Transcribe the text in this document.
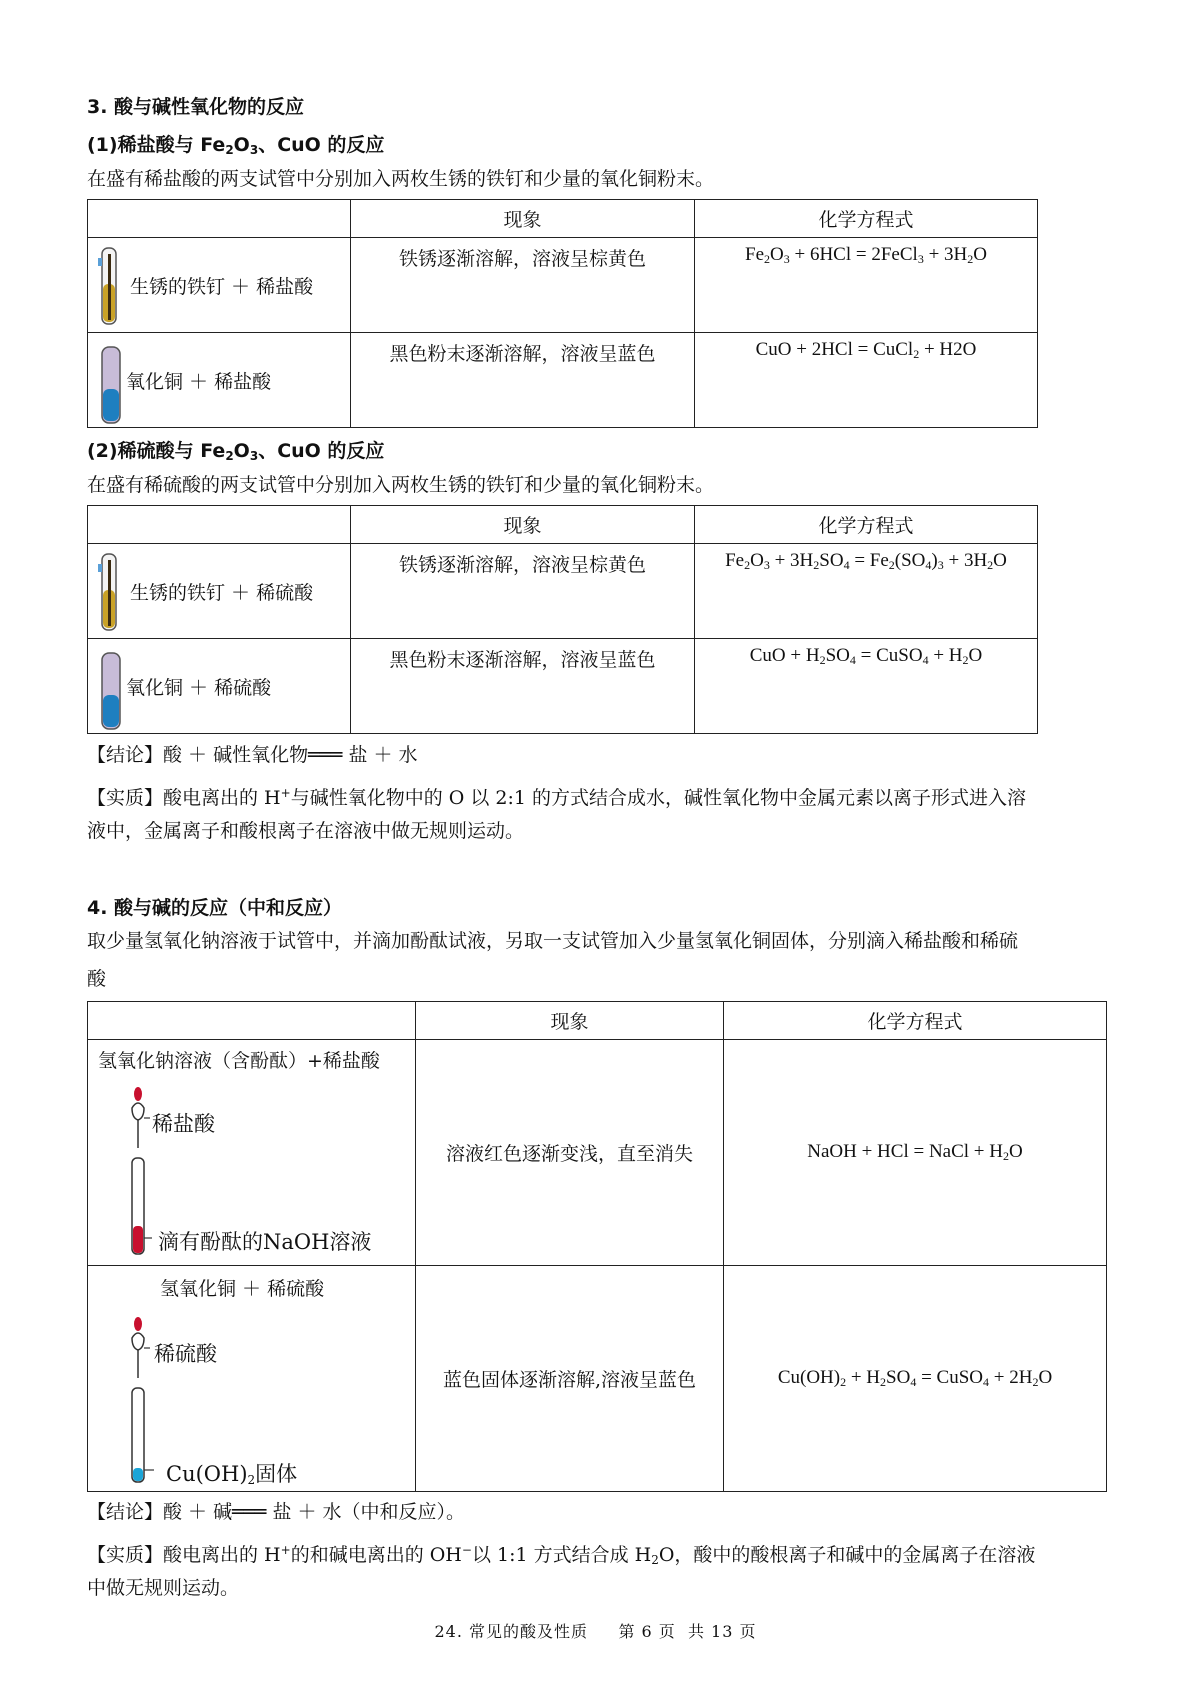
3. 酸与碱性氧化物的反应
(1)稀盐酸与 $Fe_2O_3$、CuO 的反应
在盛有稀盐酸的两支试管中分别加入两枚生锈的铁钉和少量的氧化铜粉末。
	现象	化学方程式

生锈的铁钉 ＋ 稀盐酸	铁锈逐渐溶解，溶液呈棕黄色	$Fe_2O_3 + 6HCl$ = 2FeCl$_3$ + $3H_2O$

氧化铜 ＋ 稀盐酸	黑色粉末逐渐溶解，溶液呈蓝色	CuO + 2HCl = CuCl$_2$ + H2O
(2)稀硫酸与 $Fe_2O_3$、CuO 的反应
在盛有稀硫酸的两支试管中分别加入两枚生锈的铁钉和少量的氧化铜粉末。
	现象	化学方程式

生锈的铁钉 ＋ 稀硫酸	铁锈逐渐溶解，溶液呈棕黄色	$Fe_2O_3 + 3H_2SO_4 = Fe_2(SO_4)_3 + 3H_2O$

氧化铜 ＋ 稀硫酸	黑色粉末逐渐溶解，溶液呈蓝色	CuO + $H_2SO_4$ = CuSO$_4$ + $H_2O$
【结论】酸 ＋ 碱性氧化物═══ 盐 ＋ 水
【实质】酸电离出的 H+与碱性氧化物中的 O 以 2:1 的方式结合成水，碱性氧化物中金属元素以离子形式进入溶
液中，金属离子和酸根离子在溶液中做无规则运动。
4. 酸与碱的反应（中和反应）
取少量氢氧化钠溶液于试管中，并滴加酚酞试液，另取一支试管加入少量氢氧化铜固体，分别滴入稀盐酸和稀硫
酸
	现象	化学方程式

氢氧化钠溶液（含酚酞）+稀盐酸
稀盐酸
滴有酚酞的NaOH溶液	溶液红色逐渐变浅，直至消失	NaOH + HCl = NaCl + $H_2O$

氢氧化铜 ＋ 稀硫酸
稀硫酸
$Cu(OH)_2$固体	蓝色固体逐渐溶解,溶液呈蓝色	$Cu(OH)_2 + H_2SO_4$ = CuSO$_4$ + $2H_2O$
【结论】酸 ＋ 碱═══ 盐 ＋ 水（中和反应）。
【实质】酸电离出的 H+的和碱电离出的 OH−以 1:1 方式结合成 $H_2O$，酸中的酸根离子和碱中的金属离子在溶液
中做无规则运动。
24. 常见的酸及性质     第 6 页  共 13 页
